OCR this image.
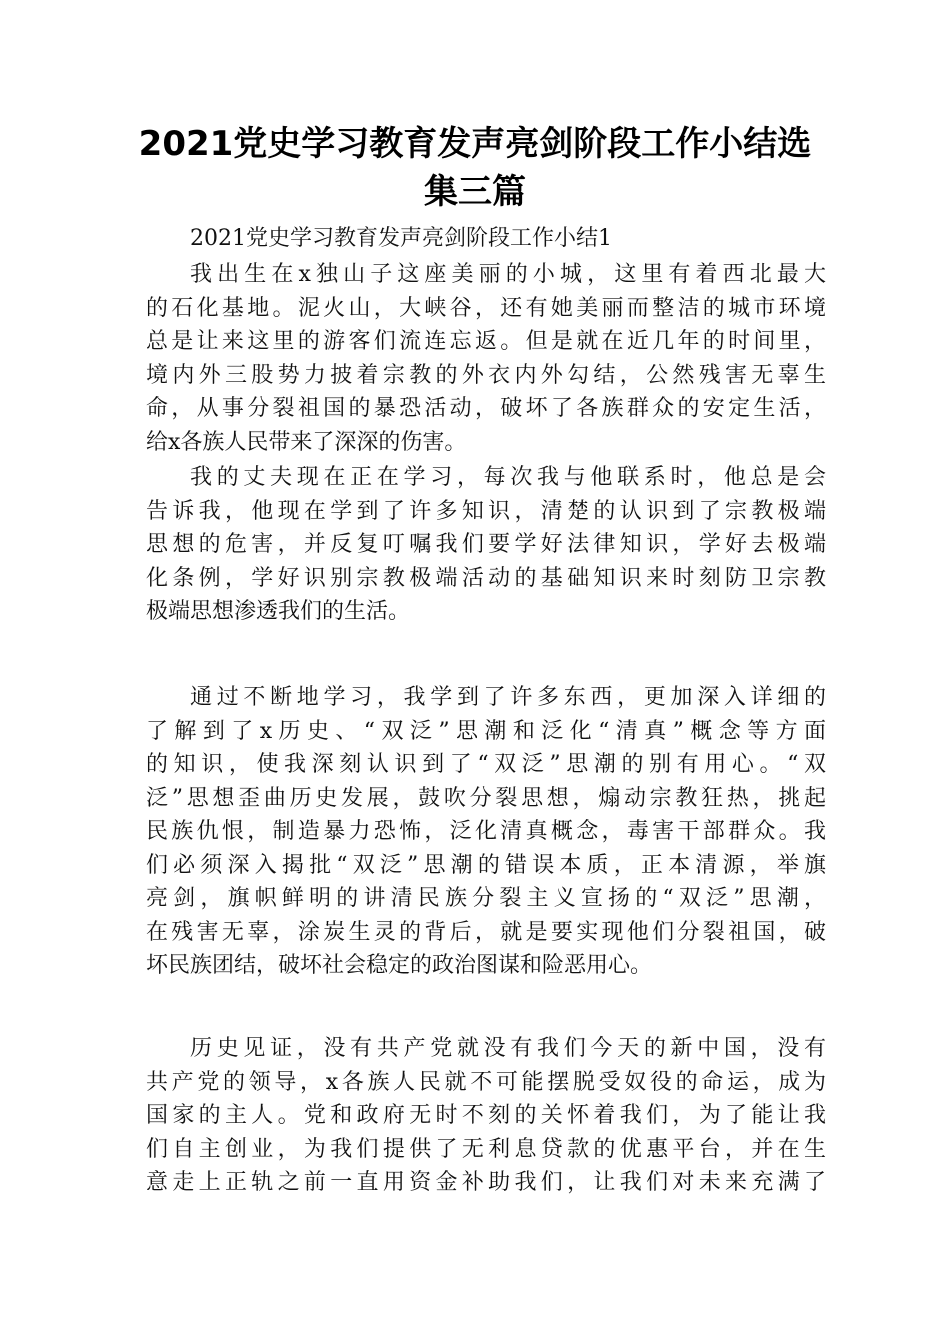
2021党史学习教育发声亮剑阶段工作小结选
集三篇
2021党史学习教育发声亮剑阶段工作小结1
我出生在x独山子这座美丽的小城，这里有着西北最大
的石化基地。泥火山，大峡谷，还有她美丽而整洁的城市环境
总是让来这里的游客们流连忘返。但是就在近几年的时间里，
境内外三股势力披着宗教的外衣内外勾结，公然残害无辜生
命，从事分裂祖国的暴恐活动，破坏了各族群众的安定生活，
给x各族人民带来了深深的伤害。
我的丈夫现在正在学习，每次我与他联系时，他总是会
告诉我，他现在学到了许多知识，清楚的认识到了宗教极端
思想的危害，并反复叮嘱我们要学好法律知识，学好去极端
化条例，学好识别宗教极端活动的基础知识来时刻防卫宗教
极端思想渗透我们的生活。
通过不断地学习，我学到了许多东西，更加深入详细的
了解到了x历史、“双泛”思潮和泛化“清真”概念等方面
的知识，使我深刻认识到了“双泛”思潮的别有用心。“双
泛”思想歪曲历史发展，鼓吹分裂思想，煽动宗教狂热，挑起
民族仇恨，制造暴力恐怖，泛化清真概念，毒害干部群众。我
们必须深入揭批“双泛”思潮的错误本质，正本清源，举旗
亮剑，旗帜鲜明的讲清民族分裂主义宣扬的“双泛”思潮，
在残害无辜，涂炭生灵的背后，就是要实现他们分裂祖国，破
坏民族团结，破坏社会稳定的政治图谋和险恶用心。
历史见证，没有共产党就没有我们今天的新中国，没有
共产党的领导，x各族人民就不可能摆脱受奴役的命运，成为
国家的主人。党和政府无时不刻的关怀着我们，为了能让我
们自主创业，为我们提供了无利息贷款的优惠平台，并在生
意走上正轨之前一直用资金补助我们，让我们对未来充满了
